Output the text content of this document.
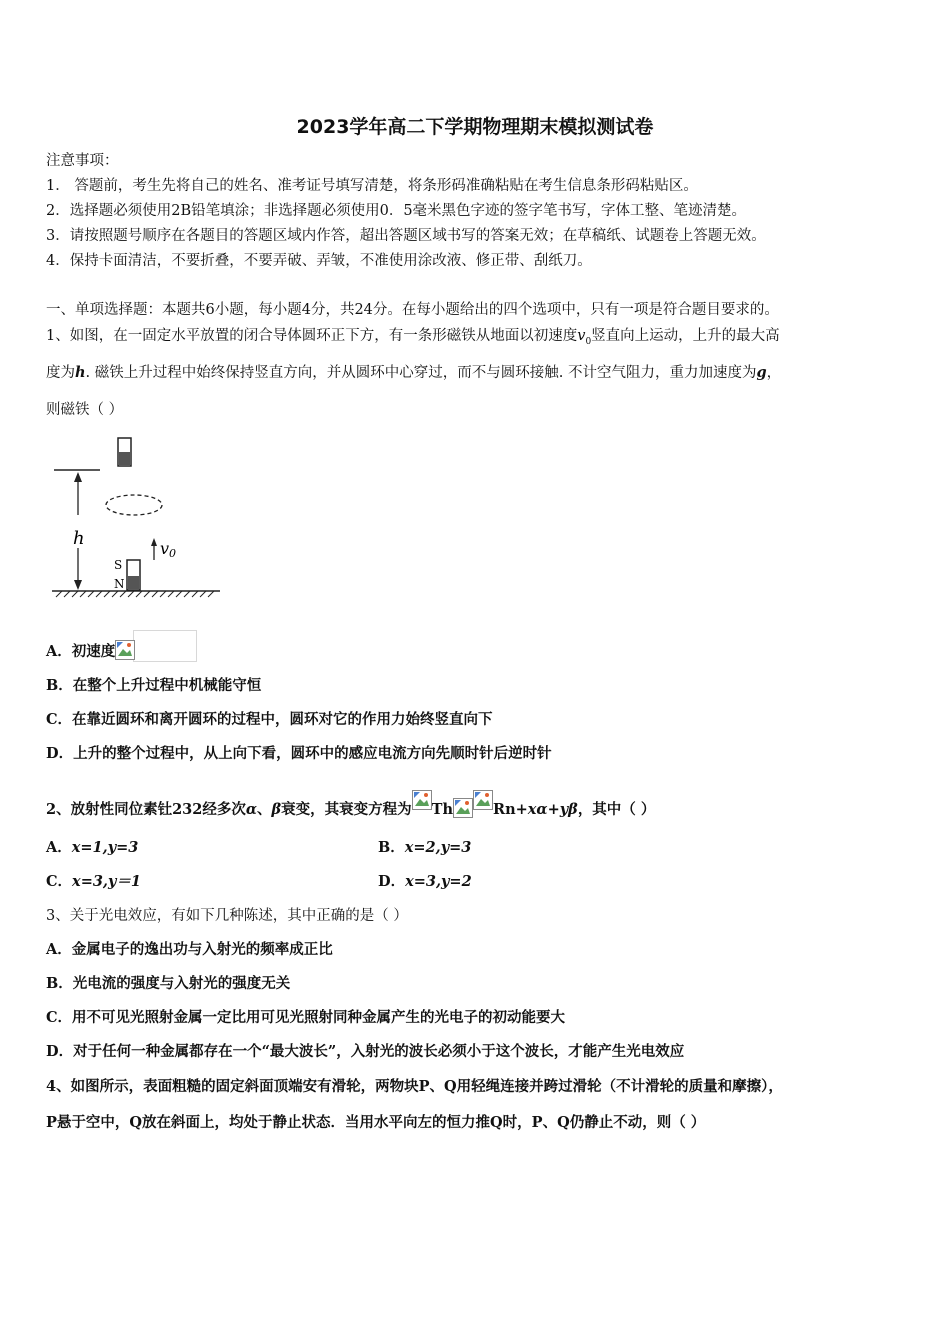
2023学年高二下学期物理期末模拟测试卷
注意事项：
1． 答题前，考生先将自己的姓名、准考证号填写清楚，将条形码准确粘贴在考生信息条形码粘贴区。
2．选择题必须使用2B铅笔填涂；非选择题必须使用0．5毫米黑色字迹的签字笔书写，字体工整、笔迹清楚。
3．请按照题号顺序在各题目的答题区域内作答，超出答题区域书写的答案无效；在草稿纸、试题卷上答题无效。
4．保持卡面清洁，不要折叠，不要弄破、弄皱，不准使用涂改液、修正带、刮纸刀。
一、单项选择题：本题共6小题，每小题4分，共24分。在每小题给出的四个选项中，只有一项是符合题目要求的。
1、如图，在一固定水平放置的闭合导体圆环正下方，有一条形磁铁从地面以初速度$v_0$竖直向上运动，上升的最大高
度为h. 磁铁上升过程中始终保持竖直方向，并从圆环中心穿过，而不与圆环接触. 不计空气阻力，重力加速度为g，
则磁铁（ ）
h	v0
S
N
A．初速度
B．在整个上升过程中机械能守恒
C．在靠近圆环和离开圆环的过程中，圆环对它的作用力始终竖直向下
D．上升的整个过程中，从上向下看，圆环中的感应电流方向先顺时针后逆时针
2、放射性同位素钍232经多次α、β衰变，其衰变方程为 Th	Rn+xα+yβ，其中（ ）
A．x=1,y=3	B．x=2,y=3
C．x=3,y＝1	D．x=3,y=2
3、关于光电效应，有如下几种陈述，其中正确的是（ ）
A．金属电子的逸出功与入射光的频率成正比
B．光电流的强度与入射光的强度无关
C．用不可见光照射金属一定比用可见光照射同种金属产生的光电子的初动能要大
D．对于任何一种金属都存在一个“最大波长”，入射光的波长必须小于这个波长，才能产生光电效应
4、如图所示，表面粗糙的固定斜面顶端安有滑轮，两物块P、Q用轻绳连接并跨过滑轮（不计滑轮的质量和摩擦），
P悬于空中，Q放在斜面上，均处于静止状态．当用水平向左的恒力推Q时，P、Q仍静止不动，则（ ）
